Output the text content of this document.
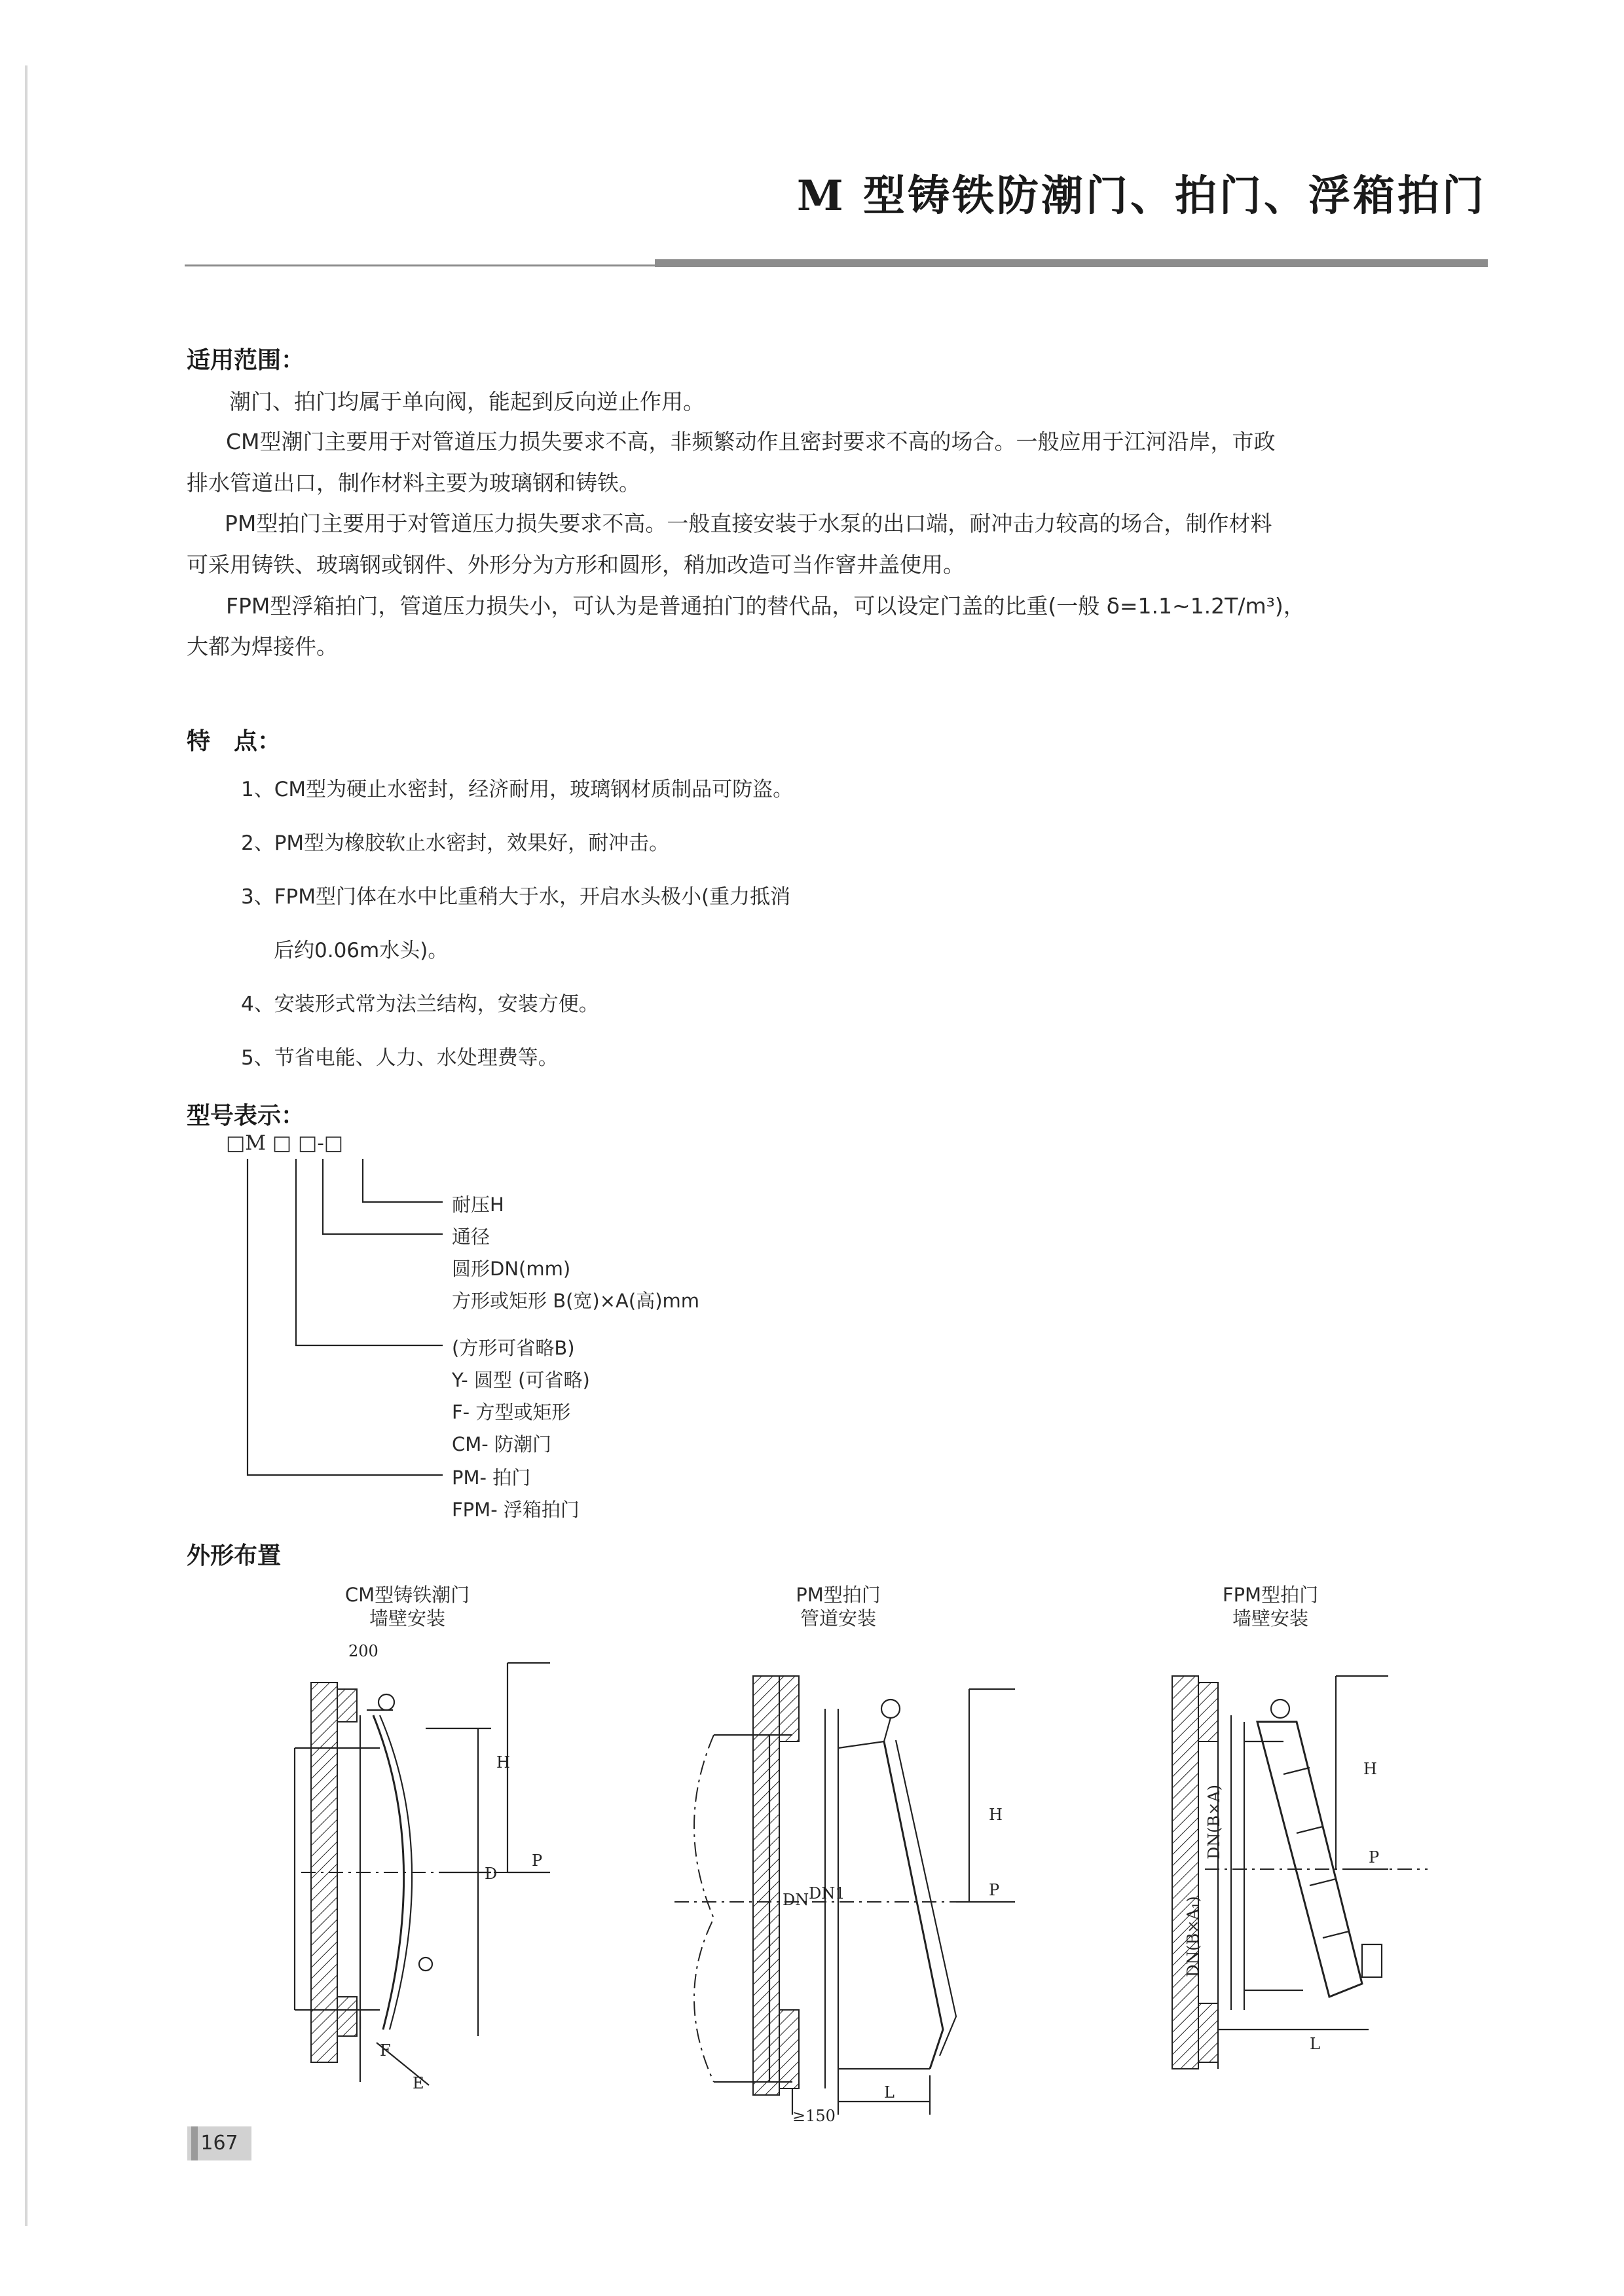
M 型铸铁防潮门、拍门、浮箱拍门
适用范围：
潮门、拍门均属于单向阀，能起到反向逆止作用。
CM型潮门主要用于对管道压力损失要求不高，非频繁动作且密封要求不高的场合。一般应用于江河沿岸，市政
排水管道出口，制作材料主要为玻璃钢和铸铁。
PM型拍门主要用于对管道压力损失要求不高。一般直接安装于水泵的出口端，耐冲击力较高的场合，制作材料
可采用铸铁、玻璃钢或钢件、外形分为方形和圆形，稍加改造可当作窨井盖使用。
FPM型浮箱拍门，管道压力损失小，可认为是普通拍门的替代品，可以设定门盖的比重(一般 δ=1.1~1.2T/m³)，
大都为焊接件。
特　点：
1、CM型为硬止水密封，经济耐用，玻璃钢材质制品可防盗。
2、PM型为橡胶软止水密封，效果好，耐冲击。
3、FPM型门体在水中比重稍大于水，开启水头极小(重力抵消
后约0.06m水头)。
4、安装形式常为法兰结构，安装方便。
5、节省电能、人力、水处理费等。
型号表示：
□M □ □-□
耐压H
通径
圆形DN(mm)
方形或矩形 B(宽)×A(高)mm
(方形可省略B)
Y- 圆型 (可省略)
F- 方型或矩形
CM- 防潮门
PM- 拍门
FPM- 浮箱拍门
外形布置
CM型铸铁潮门
墙壁安装
PM型拍门
管道安装
FPM型拍门
墙壁安装
200
H
P
D
F
E
H
P
DN DN1
≥150
L
H
P
L
DN(B×A₁)
DN(B×A)
167
